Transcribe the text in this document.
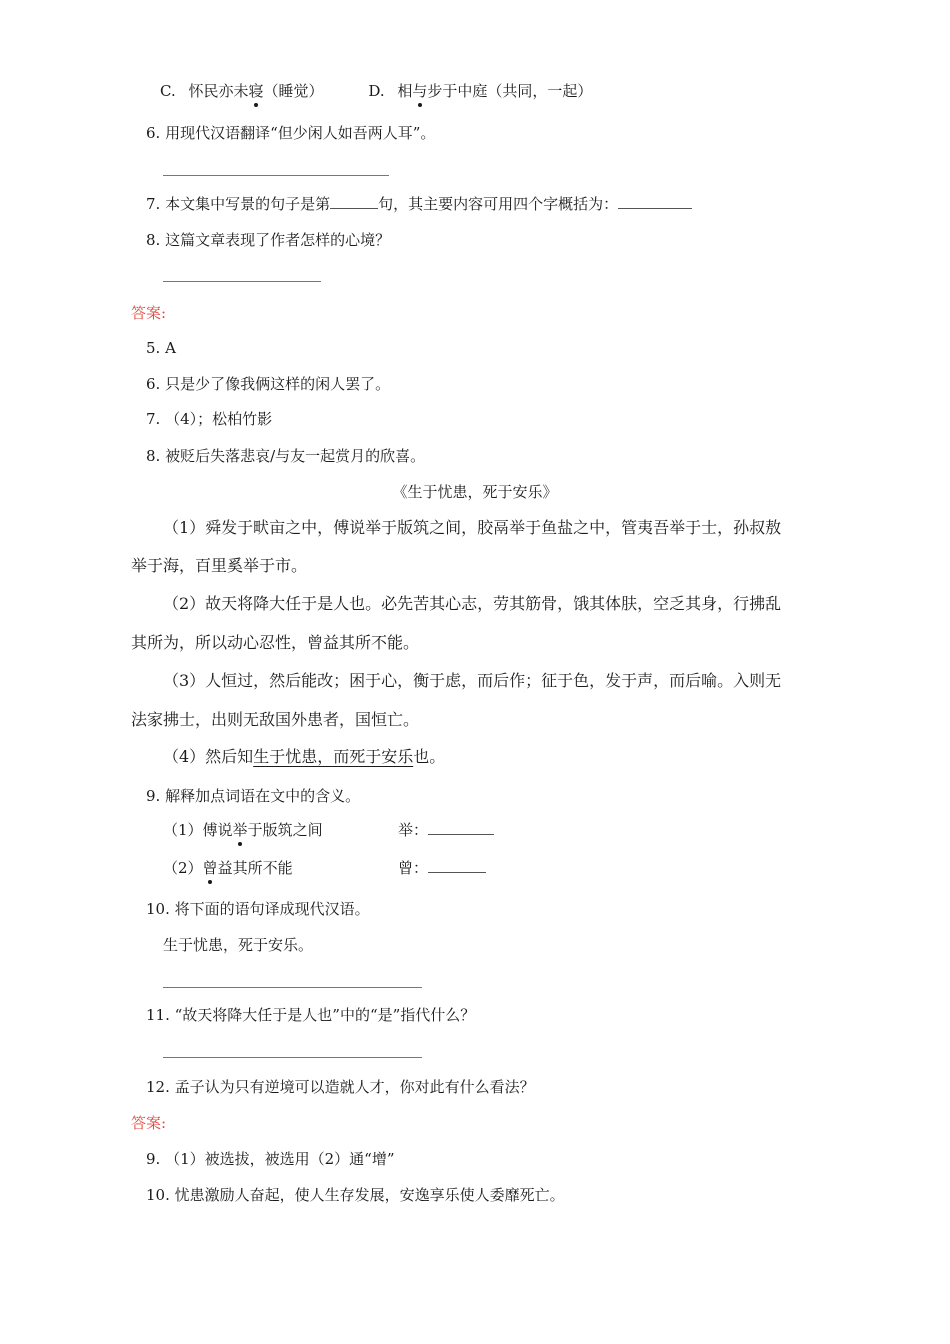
C. 怀民亦未寝（睡觉）	D. 相与步于中庭（共同，一起）
6. 用现代汉语翻译“但少闲人如吾两人耳”。
7. 本文集中写景的句子是第	句，其主要内容可用四个字概括为：
8. 这篇文章表现了作者怎样的心境？
答案:
5. A
6. 只是少了像我俩这样的闲人罢了。
7. （4）；松柏竹影
8. 被贬后失落悲哀/与友一起赏月的欣喜。
《生于忧患，死于安乐》
（1）舜发于畎亩之中，傅说举于版筑之间，胶鬲举于鱼盐之中，管夷吾举于士，孙叔敖
举于海，百里奚举于市。
（2）故天将降大任于是人也。必先苦其心志，劳其筋骨，饿其体肤，空乏其身，行拂乱
其所为，所以动心忍性，曾益其所不能。
（3）人恒过，然后能改；困于心，衡于虑，而后作；征于色，发于声，而后喻。入则无
法家拂士，出则无敌国外患者，国恒亡。
（4）然后知生于忧患，而死于安乐也。
9. 解释加点词语在文中的含义。
（1）傅说举于版筑之间	举：
（2）曾益其所不能	曾：
10. 将下面的语句译成现代汉语。
生于忧患，死于安乐。
11. “故天将降大任于是人也”中的“是”指代什么？
12. 孟子认为只有逆境可以造就人才，你对此有什么看法？
答案:
9. （1）被选拔，被选用（2）通“增”
10. 忧患激励人奋起，使人生存发展，安逸享乐使人委靡死亡。
